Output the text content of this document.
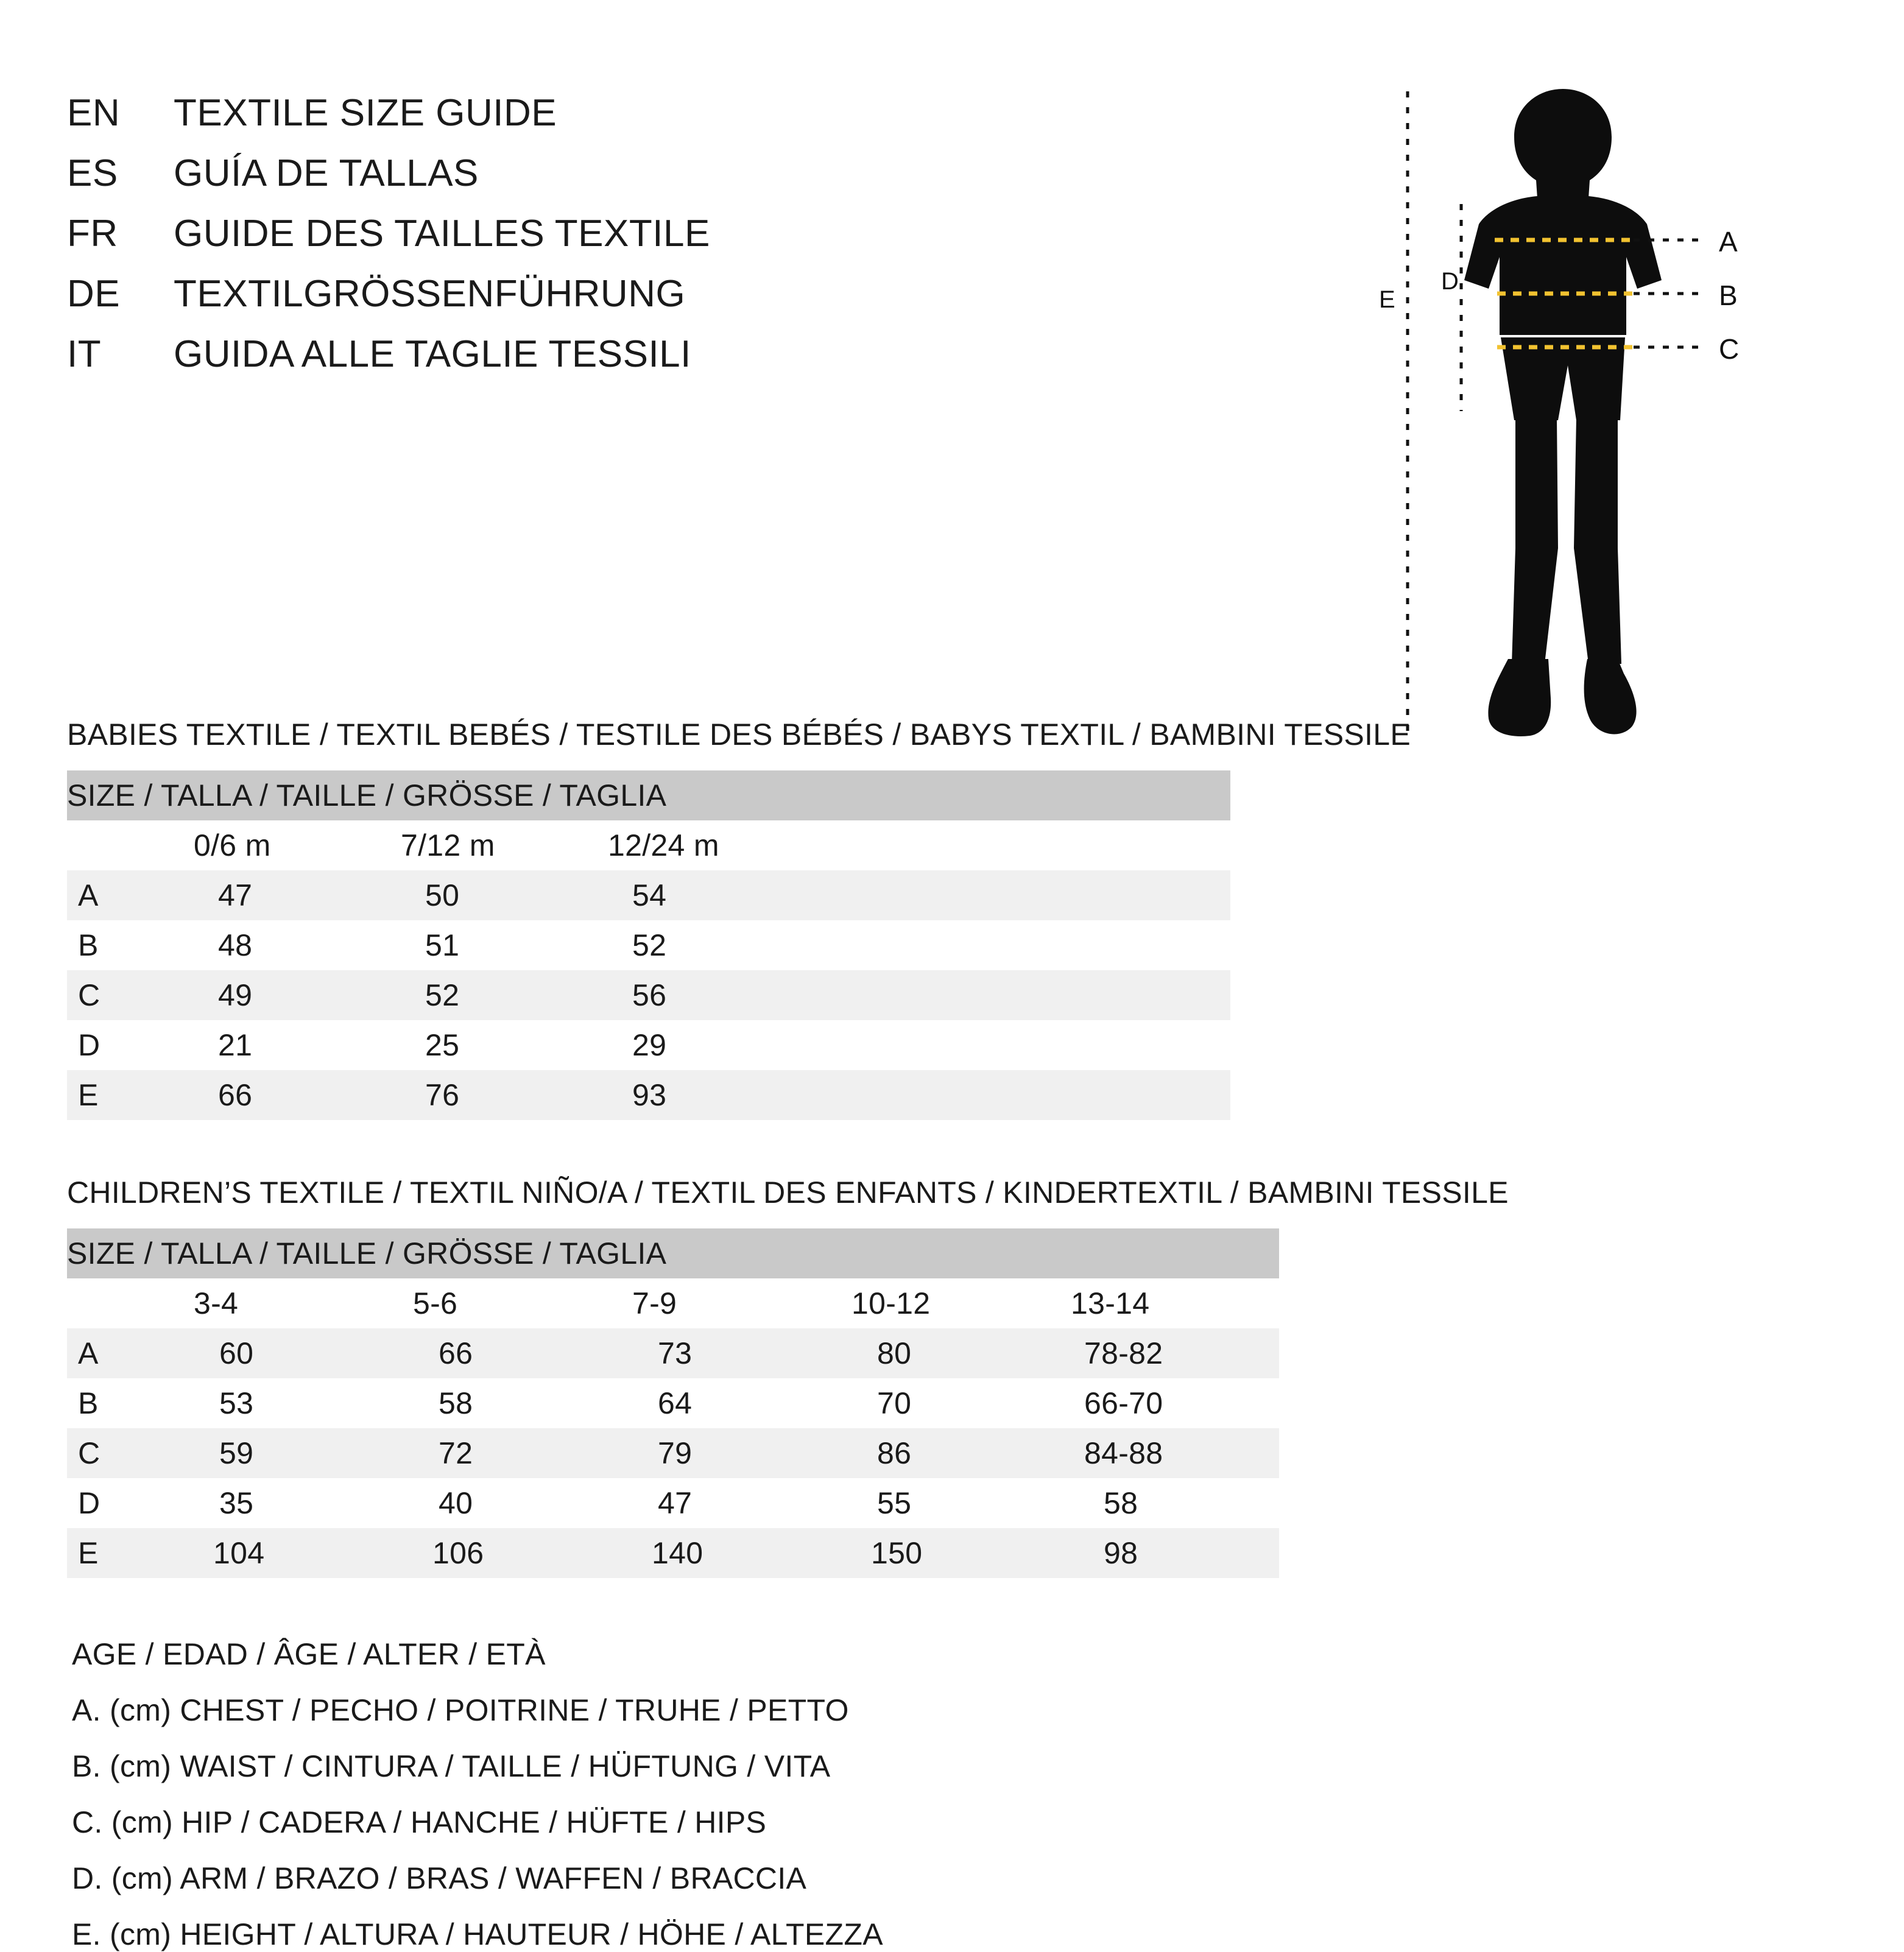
EN	TEXTILE SIZE GUIDE
ES	GUÍA DE TALLAS
FR	GUIDE DES TAILLES TEXTILE
DE	TEXTILGRÖSSENFÜHRUNG
IT	GUIDA ALLE TAGLIE TESSILI
A
B
C
D
E

BABIES TEXTILE / TEXTIL BEBÉS / TESTILE DES BÉBÉS / BABYS TEXTIL / BAMBINI TESSILE

SIZE / TALLA / TAILLE / GRÖSSE / TAGLIA				
	0/6 m	7/12 m	12/24 m	
A	47	50	54	
B	48	51	52	
C	49	52	56	
D	21	25	29	
E	66	76	93	

CHILDREN’S TEXTILE / TEXTIL NIÑO/A / TEXTIL DES ENFANTS / KINDERTEXTIL / BAMBINI TESSILE

SIZE / TALLA / TAILLE / GRÖSSE / TAGLIA					
	3-4	5-6	7-9	10-12	13-14
A	60	66	73	80	78-82
B	53	58	64	70	66-70
C	59	72	79	86	84-88
D	35	40	47	55	58
E	104	106	140	150	98

AGE / EDAD / ÂGE / ALTER / ETÀ

A. (cm) CHEST / PECHO / POITRINE / TRUHE / PETTO

B. (cm) WAIST / CINTURA / TAILLE / HÜFTUNG / VITA

C. (cm) HIP / CADERA / HANCHE / HÜFTE / HIPS

D. (cm) ARM / BRAZO / BRAS / WAFFEN / BRACCIA

E. (cm) HEIGHT / ALTURA / HAUTEUR / HÖHE / ALTEZZA
